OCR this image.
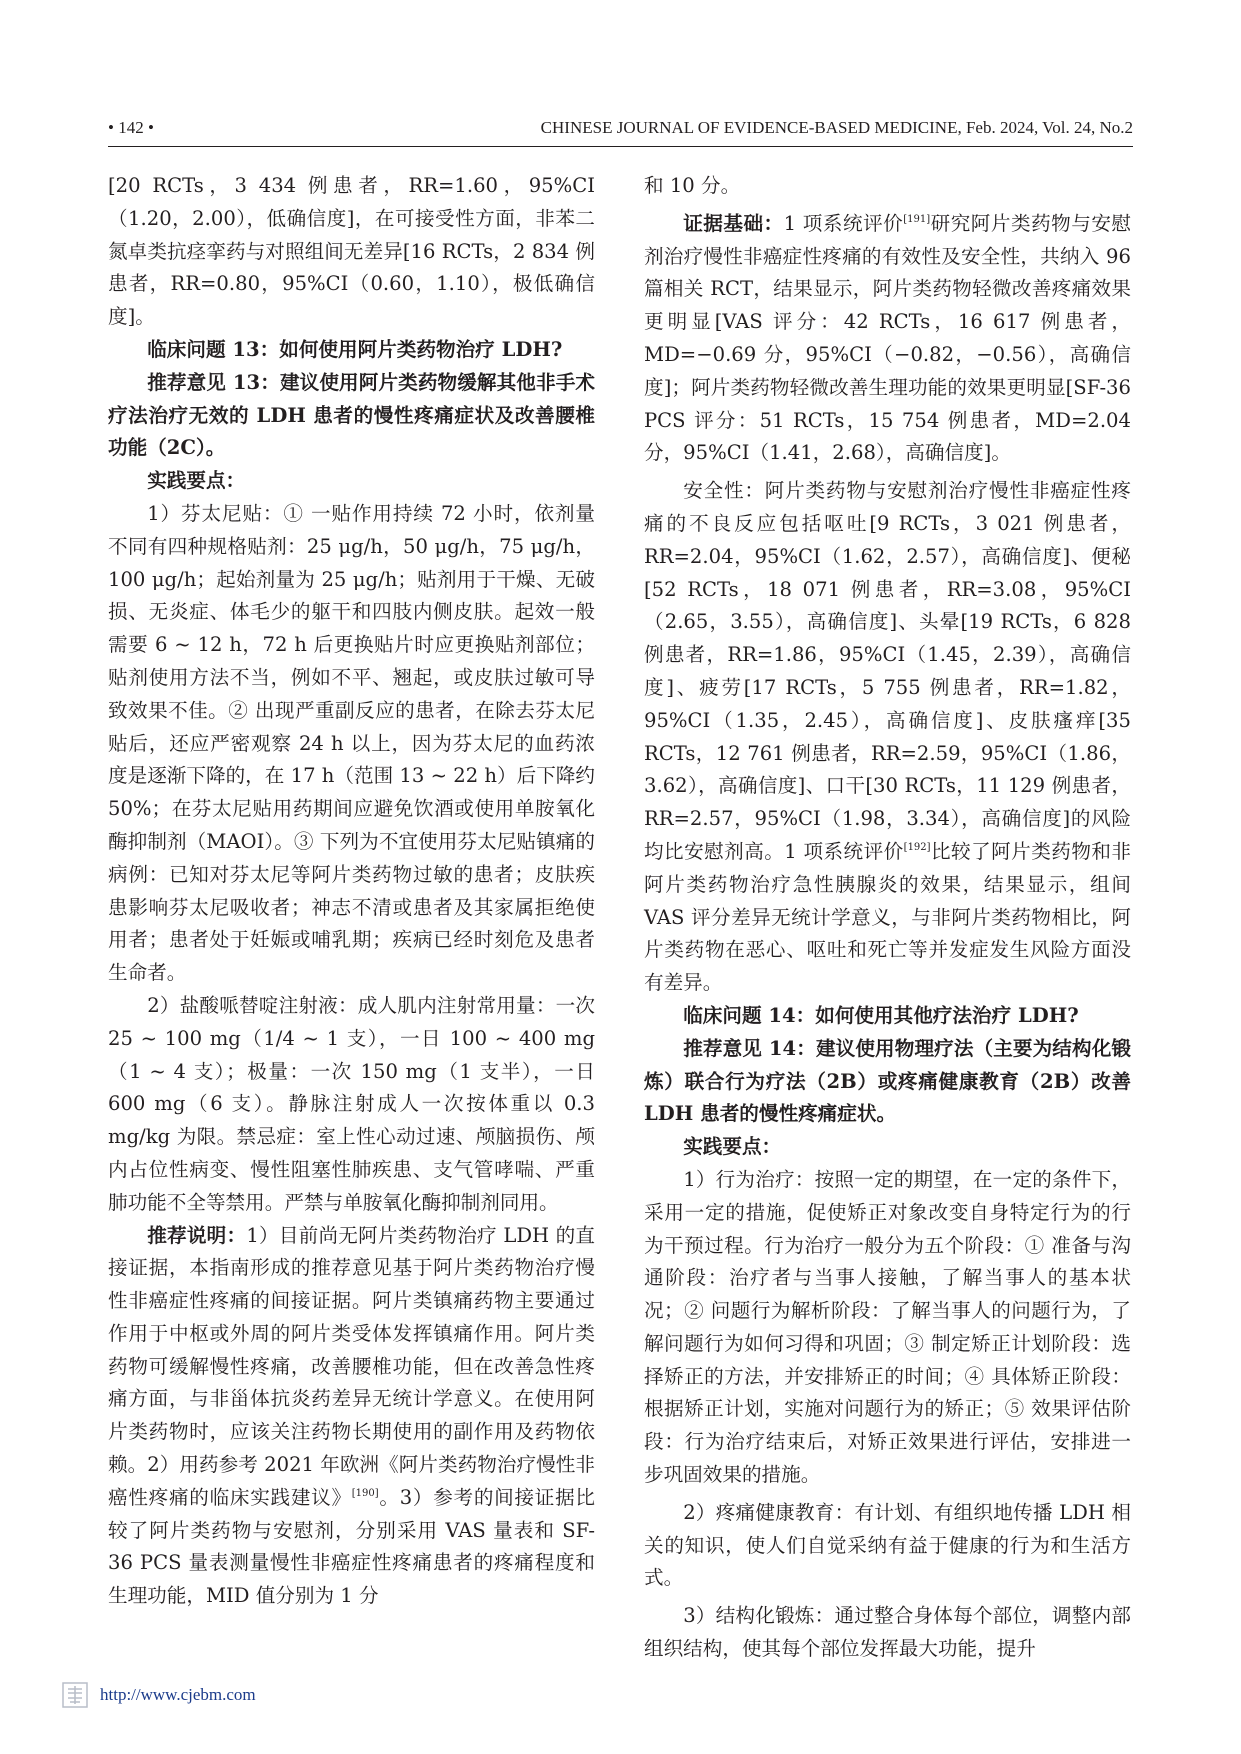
• 142 •	CHINESE JOURNAL OF EVIDENCE-BASED MEDICINE, Feb. 2024, Vol. 24, No.2

[20 RCTs，3 434 例患者，RR=1.60，95%CI（1.20，2.00），低确信度]，在可接受性方面，非苯二氮卓类抗痉挛药与对照组间无差异[16 RCTs，2 834 例患者，RR=0.80，95%CI（0.60，1.10），极低确信度]。

临床问题 13：如何使用阿片类药物治疗 LDH?

推荐意见 13：建议使用阿片类药物缓解其他非手术疗法治疗无效的 LDH 患者的慢性疼痛症状及改善腰椎功能（2C）。

实践要点：

1）芬太尼贴：① 一贴作用持续 72 小时，依剂量不同有四种规格贴剂：25 μg/h，50 μg/h，75 μg/h，100 μg/h；起始剂量为 25 μg/h；贴剂用于干燥、无破损、无炎症、体毛少的躯干和四肢内侧皮肤。起效一般需要 6 ~ 12 h，72 h 后更换贴片时应更换贴剂部位；贴剂使用方法不当，例如不平、翘起，或皮肤过敏可导致效果不佳。② 出现严重副反应的患者，在除去芬太尼贴后，还应严密观察 24 h 以上，因为芬太尼的血药浓度是逐渐下降的，在 17 h（范围 13 ~ 22 h）后下降约 50%；在芬太尼贴用药期间应避免饮酒或使用单胺氧化酶抑制剂（MAOI）。③ 下列为不宜使用芬太尼贴镇痛的病例：已知对芬太尼等阿片类药物过敏的患者；皮肤疾患影响芬太尼吸收者；神志不清或患者及其家属拒绝使用者；患者处于妊娠或哺乳期；疾病已经时刻危及患者生命者。

2）盐酸哌替啶注射液：成人肌内注射常用量：一次 25 ~ 100 mg（1/4 ~ 1 支），一日 100 ~ 400 mg（1 ~ 4 支）；极量：一次 150 mg（1 支半），一日 600 mg（6 支）。静脉注射成人一次按体重以 0.3 mg/kg 为限。禁忌症：室上性心动过速、颅脑损伤、颅内占位性病变、慢性阻塞性肺疾患、支气管哮喘、严重肺功能不全等禁用。严禁与单胺氧化酶抑制剂同用。

推荐说明：1）目前尚无阿片类药物治疗 LDH 的直接证据，本指南形成的推荐意见基于阿片类药物治疗慢性非癌症性疼痛的间接证据。阿片类镇痛药物主要通过作用于中枢或外周的阿片类受体发挥镇痛作用。阿片类药物可缓解慢性疼痛，改善腰椎功能，但在改善急性疼痛方面，与非甾体抗炎药差异无统计学意义。在使用阿片类药物时，应该关注药物长期使用的副作用及药物依赖。2）用药参考 2021 年欧洲《阿片类药物治疗慢性非癌性疼痛的临床实践建议》[190]。3）参考的间接证据比较了阿片类药物与安慰剂，分别采用 VAS 量表和 SF-36 PCS 量表测量慢性非癌症性疼痛患者的疼痛程度和生理功能，MID 值分别为 1 分

和 10 分。

证据基础：1 项系统评价[191]研究阿片类药物与安慰剂治疗慢性非癌症性疼痛的有效性及安全性，共纳入 96 篇相关 RCT，结果显示，阿片类药物轻微改善疼痛效果更明显[VAS 评分：42 RCTs，16 617 例患者，MD=−0.69 分，95%CI（−0.82，−0.56），高确信度]；阿片类药物轻微改善生理功能的效果更明显[SF-36 PCS 评分：51 RCTs，15 754 例患者，MD=2.04 分，95%CI（1.41，2.68），高确信度]。

安全性：阿片类药物与安慰剂治疗慢性非癌症性疼痛的不良反应包括呕吐[9 RCTs，3 021 例患者，RR=2.04，95%CI（1.62，2.57），高确信度]、便秘[52 RCTs，18 071 例患者，RR=3.08，95%CI（2.65，3.55），高确信度]、头晕[19 RCTs，6 828 例患者，RR=1.86，95%CI（1.45，2.39），高确信度]、疲劳[17 RCTs，5 755 例患者，RR=1.82，95%CI（1.35，2.45），高确信度]、皮肤瘙痒[35 RCTs，12 761 例患者，RR=2.59，95%CI（1.86，3.62），高确信度]、口干[30 RCTs，11 129 例患者，RR=2.57，95%CI（1.98，3.34），高确信度]的风险均比安慰剂高。1 项系统评价[192]比较了阿片类药物和非阿片类药物治疗急性胰腺炎的效果，结果显示，组间 VAS 评分差异无统计学意义，与非阿片类药物相比，阿片类药物在恶心、呕吐和死亡等并发症发生风险方面没有差异。

临床问题 14：如何使用其他疗法治疗 LDH?

推荐意见 14：建议使用物理疗法（主要为结构化锻炼）联合行为疗法（2B）或疼痛健康教育（2B）改善 LDH 患者的慢性疼痛症状。

实践要点：

1）行为治疗：按照一定的期望，在一定的条件下，采用一定的措施，促使矫正对象改变自身特定行为的行为干预过程。行为治疗一般分为五个阶段：① 准备与沟通阶段：治疗者与当事人接触，了解当事人的基本状况；② 问题行为解析阶段：了解当事人的问题行为，了解问题行为如何习得和巩固；③ 制定矫正计划阶段：选择矫正的方法，并安排矫正的时间；④ 具体矫正阶段：根据矫正计划，实施对问题行为的矫正；⑤ 效果评估阶段：行为治疗结束后，对矫正效果进行评估，安排进一步巩固效果的措施。

2）疼痛健康教育：有计划、有组织地传播 LDH 相关的知识，使人们自觉采纳有益于健康的行为和生活方式。

3）结构化锻炼：通过整合身体每个部位，调整内部组织结构，使其每个部位发挥最大功能，提升

http://www.cjebm.com
